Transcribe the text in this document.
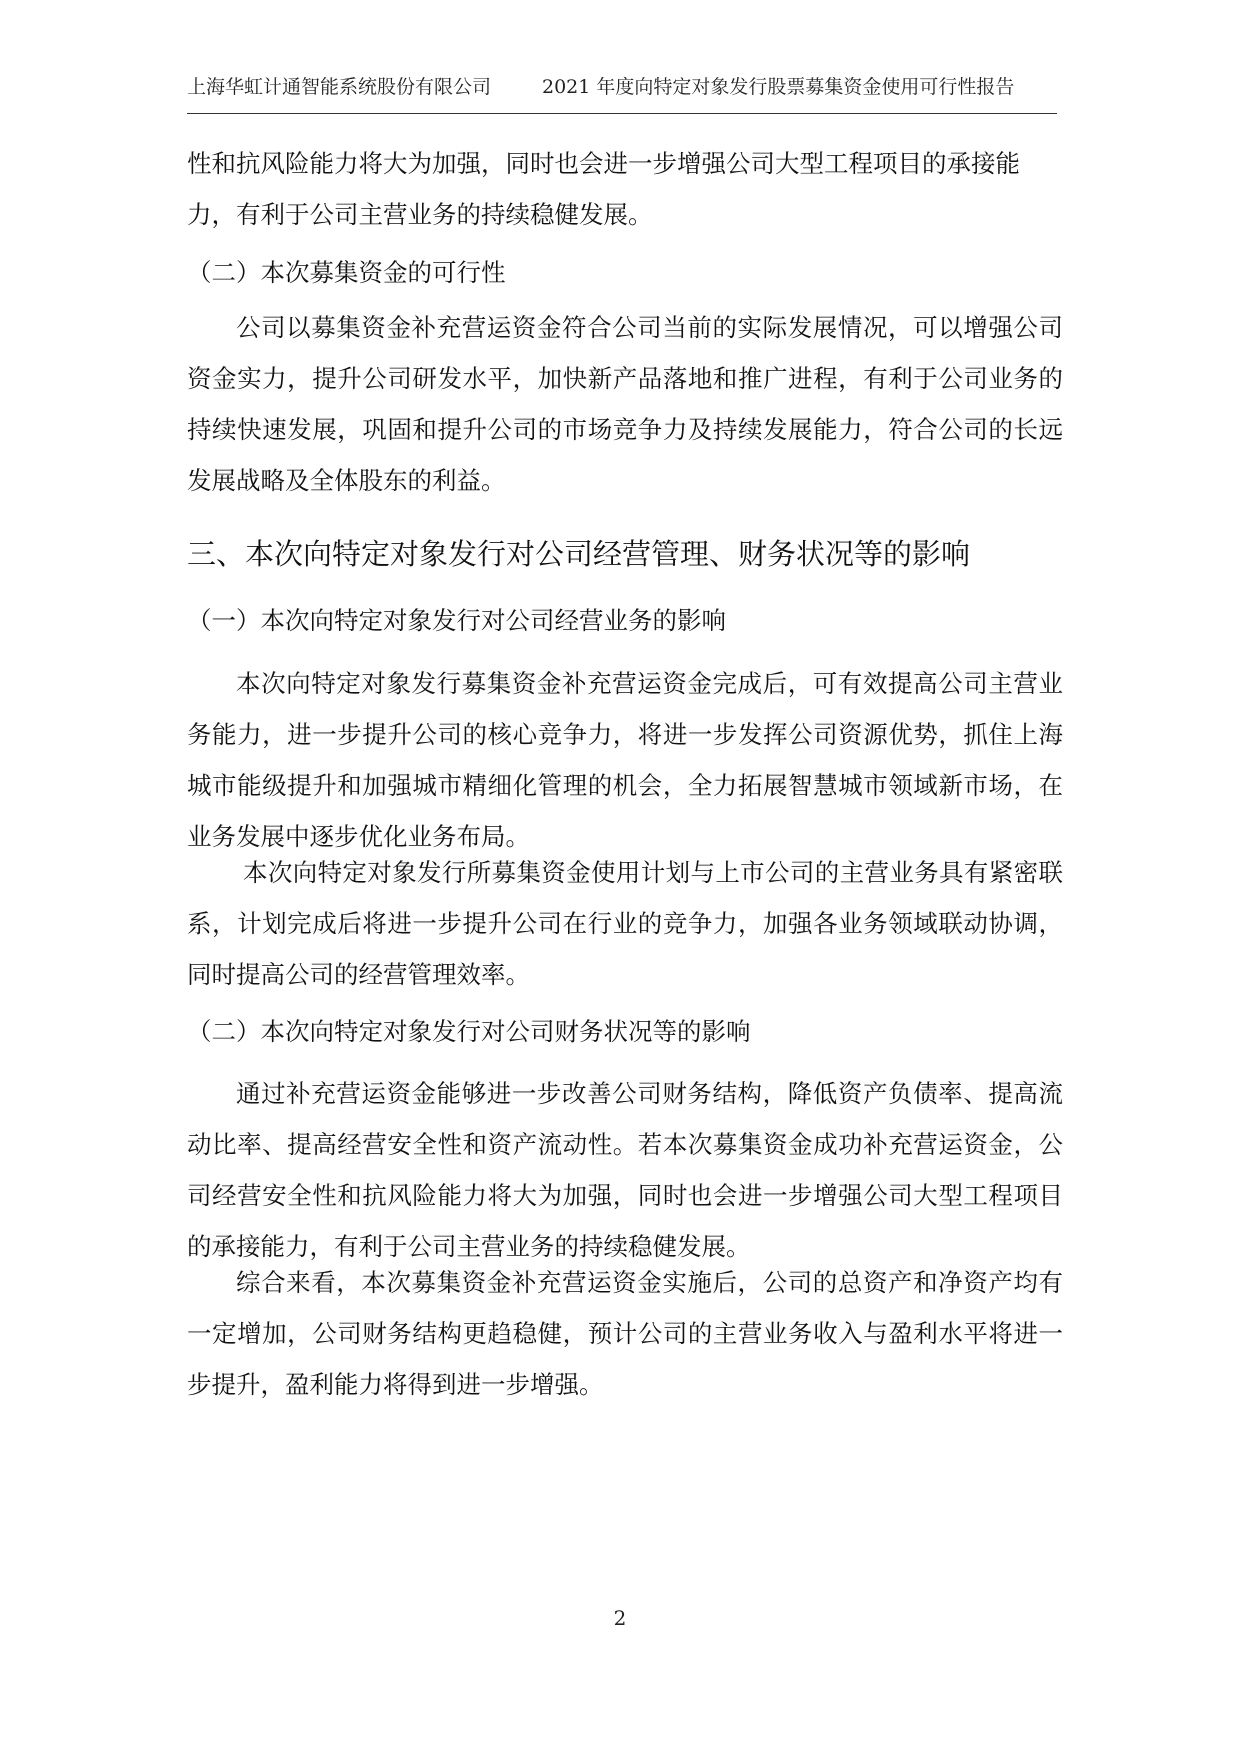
上海华虹计通智能系统股份有限公司	2021 年度向特定对象发行股票募集资金使用可行性报告
性和抗风险能力将大为加强，同时也会进一步增强公司大型工程项目的承接能力，有利于公司主营业务的持续稳健发展。
（二）本次募集资金的可行性
公司以募集资金补充营运资金符合公司当前的实际发展情况，可以增强公司资金实力，提升公司研发水平，加快新产品落地和推广进程，有利于公司业务的持续快速发展，巩固和提升公司的市场竞争力及持续发展能力，符合公司的长远发展战略及全体股东的利益。
三、本次向特定对象发行对公司经营管理、财务状况等的影响
（一）本次向特定对象发行对公司经营业务的影响
本次向特定对象发行募集资金补充营运资金完成后，可有效提高公司主营业务能力，进一步提升公司的核心竞争力，将进一步发挥公司资源优势，抓住上海城市能级提升和加强城市精细化管理的机会，全力拓展智慧城市领域新市场，在业务发展中逐步优化业务布局。
本次向特定对象发行所募集资金使用计划与上市公司的主营业务具有紧密联系，计划完成后将进一步提升公司在行业的竞争力，加强各业务领域联动协调，同时提高公司的经营管理效率。
（二）本次向特定对象发行对公司财务状况等的影响
通过补充营运资金能够进一步改善公司财务结构，降低资产负债率、提高流动比率、提高经营安全性和资产流动性。若本次募集资金成功补充营运资金，公司经营安全性和抗风险能力将大为加强，同时也会进一步增强公司大型工程项目的承接能力，有利于公司主营业务的持续稳健发展。
综合来看，本次募集资金补充营运资金实施后，公司的总资产和净资产均有一定增加，公司财务结构更趋稳健，预计公司的主营业务收入与盈利水平将进一步提升，盈利能力将得到进一步增强。
2
